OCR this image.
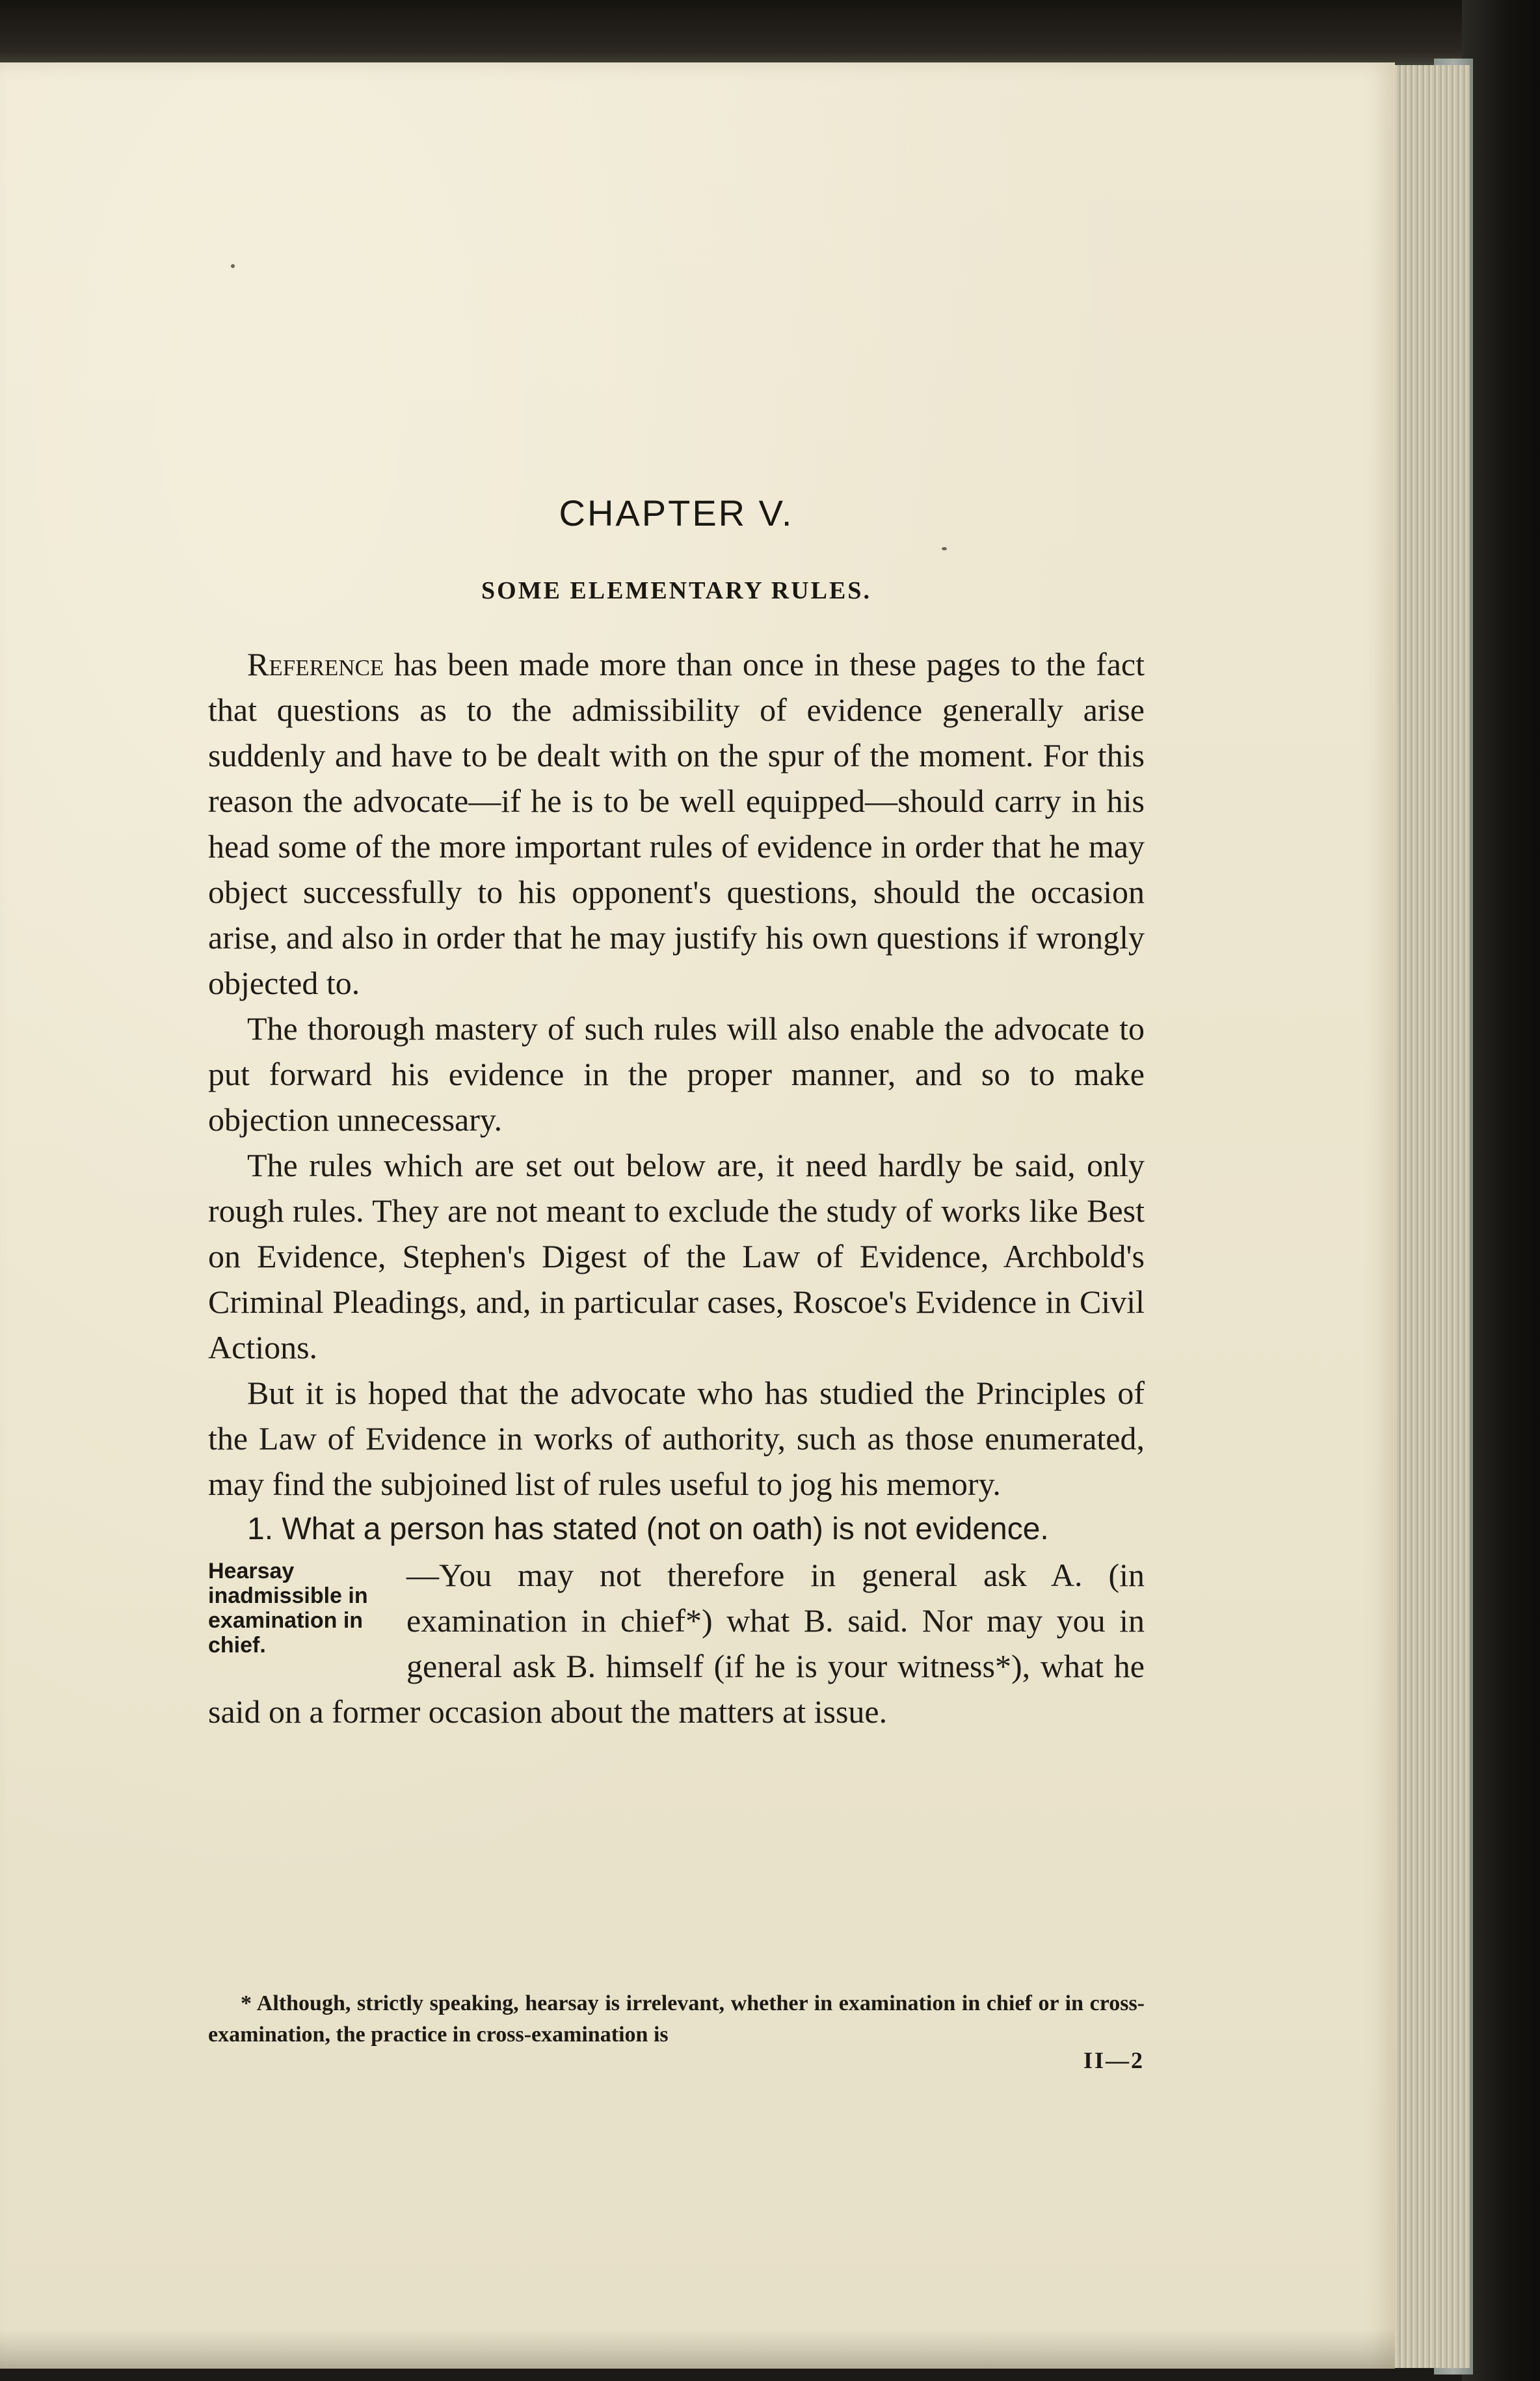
CHAPTER V.
SOME ELEMENTARY RULES.

Reference has been made more than once in these pages to the fact that questions as to the admissibility of evidence generally arise suddenly and have to be dealt with on the spur of the moment. For this reason the advocate—if he is to be well equipped—should carry in his head some of the more important rules of evidence in order that he may object successfully to his opponent's questions, should the occasion arise, and also in order that he may justify his own questions if wrongly objected to.

The thorough mastery of such rules will also enable the advocate to put forward his evidence in the proper manner, and so to make objection unnecessary.

The rules which are set out below are, it need hardly be said, only rough rules. They are not meant to exclude the study of works like Best on Evidence, Stephen's Digest of the Law of Evidence, Archbold's Criminal Pleadings, and, in particular cases, Roscoe's Evidence in Civil Actions.

But it is hoped that the advocate who has studied the Principles of the Law of Evidence in works of authority, such as those enumerated, may find the subjoined list of rules useful to jog his memory.

1. What a person has stated (not on oath) is not evidence.

Hearsay inadmissible in examination in chief.

—You may not therefore in general ask A. (in examination in chief*) what B. said. Nor may you in general ask B. himself (if he is your witness*), what he said on a former occasion about the matters at issue.

* Although, strictly speaking, hearsay is irrelevant, whether in examination in chief or in cross-examination, the practice in cross-examination is

II—2
